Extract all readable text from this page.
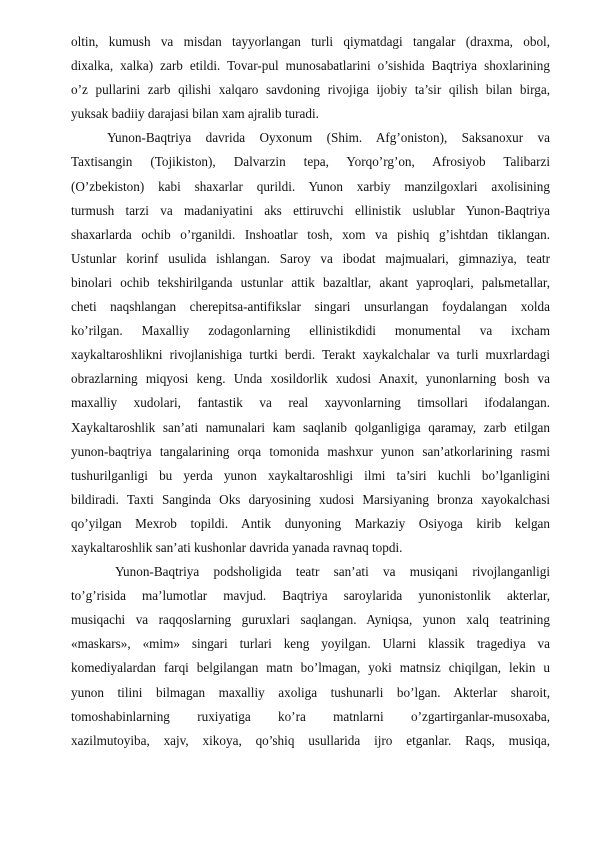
oltin, kumush va misdan tayyorlangan turli qiymatdagi tangalar (draxma, obol,
dixalka, xalka) zarb etildi. Tovar-pul munosabatlarini o’sishida Baqtriya shoxlarining
o’z pullarini zarb qilishi xalqaro savdoning rivojiga ijobiy ta’sir qilish bilan birga,
yuksak badiiy darajasi bilan xam ajralib turadi.
Yunon-Baqtriya davrida Oyxonum (Shim. Afg’oniston), Saksanoxur va
Taxtisangin (Tojikiston), Dalvarzin tepa, Yorqo’rg’on, Afrosiyob Talibarzi
(O’zbekiston) kabi shaxarlar qurildi. Yunon xarbiy manzilgoxlari axolisining
turmush tarzi va madaniyatini aks ettiruvchi ellinistik uslublar Yunon-Baqtriya
shaxarlarda ochib o’rganildi. Inshoatlar tosh, xom va pishiq g’ishtdan tiklangan.
Ustunlar korinf usulida ishlangan. Saroy va ibodat majmualari, gimnaziya, teatr
binolari ochib tekshirilganda ustunlar attik bazaltlar, akant yaproqlari, palьmetallar,
cheti naqshlangan cherepitsa-antifikslar singari unsurlangan foydalangan xolda
ko’rilgan. Maxalliy zodagonlarning ellinistikdidi monumental va ixcham
xaykaltaroshlikni rivojlanishiga turtki berdi. Terakt xaykalchalar va turli muxrlardagi
obrazlarning miqyosi keng. Unda xosildorlik xudosi Anaxit, yunonlarning bosh va
maxalliy xudolari, fantastik va real xayvonlarning timsollari ifodalangan.
Xaykaltaroshlik san’ati namunalari kam saqlanib qolganligiga qaramay, zarb etilgan
yunon-baqtriya tangalarining orqa tomonida mashxur yunon san’atkorlarining rasmi
tushurilganligi bu yerda yunon xaykaltaroshligi ilmi ta’siri kuchli bo’lganligini
bildiradi. Taxti Sanginda Oks daryosining xudosi Marsiyaning bronza xayokalchasi
qo’yilgan Mexrob topildi. Antik dunyoning Markaziy Osiyoga kirib kelgan
xaykaltaroshlik san’ati kushonlar davrida yanada ravnaq topdi.
Yunon-Baqtriya podsholigida teatr san’ati va musiqani rivojlanganligi
to’g’risida ma’lumotlar mavjud. Baqtriya saroylarida yunonistonlik akterlar,
musiqachi va raqqoslarning guruxlari saqlangan. Ayniqsa, yunon xalq teatrining
«maskars», «mim» singari turlari keng yoyilgan. Ularni klassik tragediya va
komediyalardan farqi belgilangan matn bo’lmagan, yoki matnsiz chiqilgan, lekin u
yunon tilini bilmagan maxalliy axoliga tushunarli bo’lgan. Akterlar sharoit,
tomoshabinlarning ruxiyatiga ko’ra matnlarni o’zgartirganlar-musoxaba,
xazilmutoyiba, xajv, xikoya, qo’shiq usullarida ijro etganlar. Raqs, musiqa,
